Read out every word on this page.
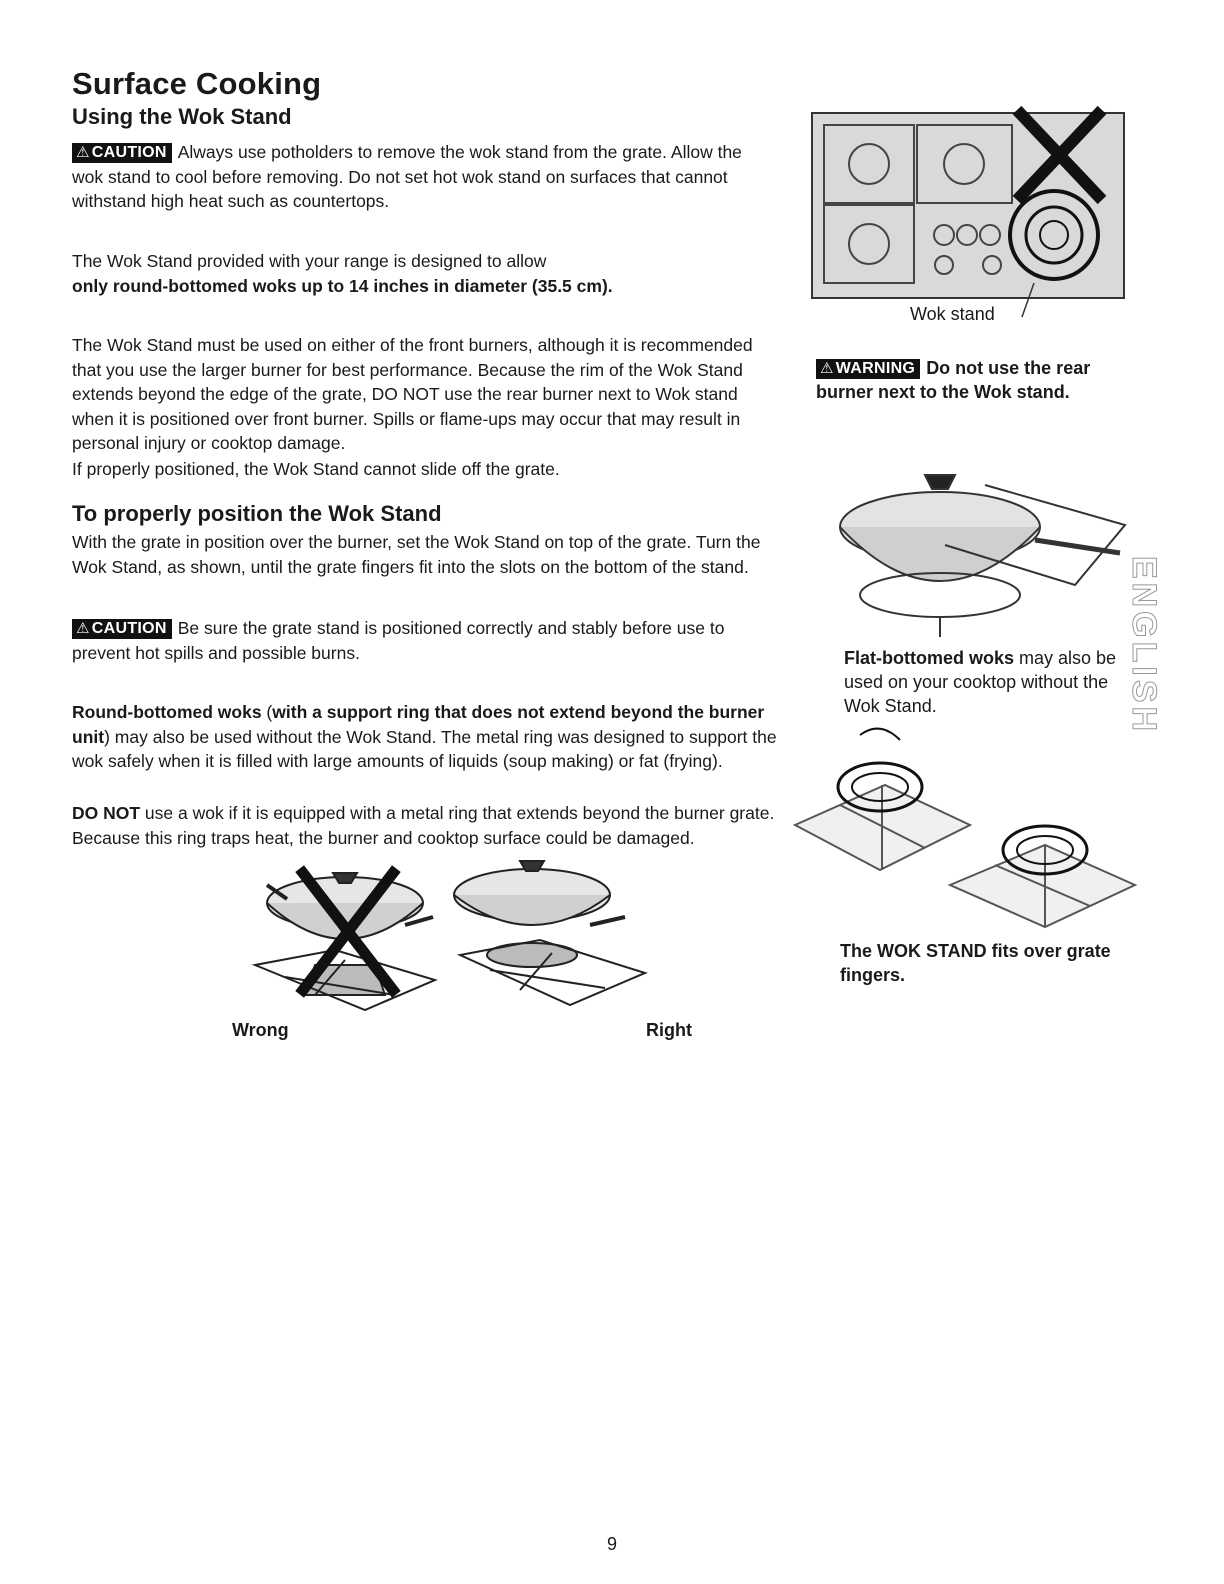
Surface Cooking
Using the Wok Stand

⚠ CAUTION Always use potholders to remove the wok stand from the grate. Allow the wok stand to cool before removing. Do not set hot wok stand on surfaces that cannot withstand high heat such as countertops.

The Wok Stand provided with your range is designed to allow
only round-bottomed woks up to 14 inches in diameter (35.5 cm).

The Wok Stand must be used on either of the front burners, although it is recommended that you use the larger burner for best performance. Because the rim of the Wok Stand extends beyond the edge of the grate, DO NOT use the rear burner next to Wok stand when it is positioned over front burner. Spills or flame-ups may occur that may result in personal injury or cooktop damage.

If properly positioned, the Wok Stand cannot slide off the grate.

To properly position the Wok Stand

With the grate in position over the burner, set the Wok Stand on top of the grate. Turn the Wok Stand, as shown, until the grate fingers fit into the slots on the bottom of the stand.

⚠ CAUTION Be sure the grate stand is positioned correctly and stably before use to prevent hot spills and possible burns.

Round-bottomed woks (with a support ring that does not extend beyond the burner unit) may also be used without the Wok Stand. The metal ring was designed to support the wok safely when it is filled with large amounts of liquids (soup making) or fat (frying).

DO NOT use a wok if it is equipped with a metal ring that extends beyond the burner grate. Because this ring traps heat, the burner and cooktop surface could be damaged.

Wrong	Right
Wok stand

⚠ WARNING Do not use the rear burner next to the Wok stand.

Flat-bottomed woks may also be used on your cooktop without the Wok Stand.

The WOK STAND fits over grate fingers.

ENGLISH
9
